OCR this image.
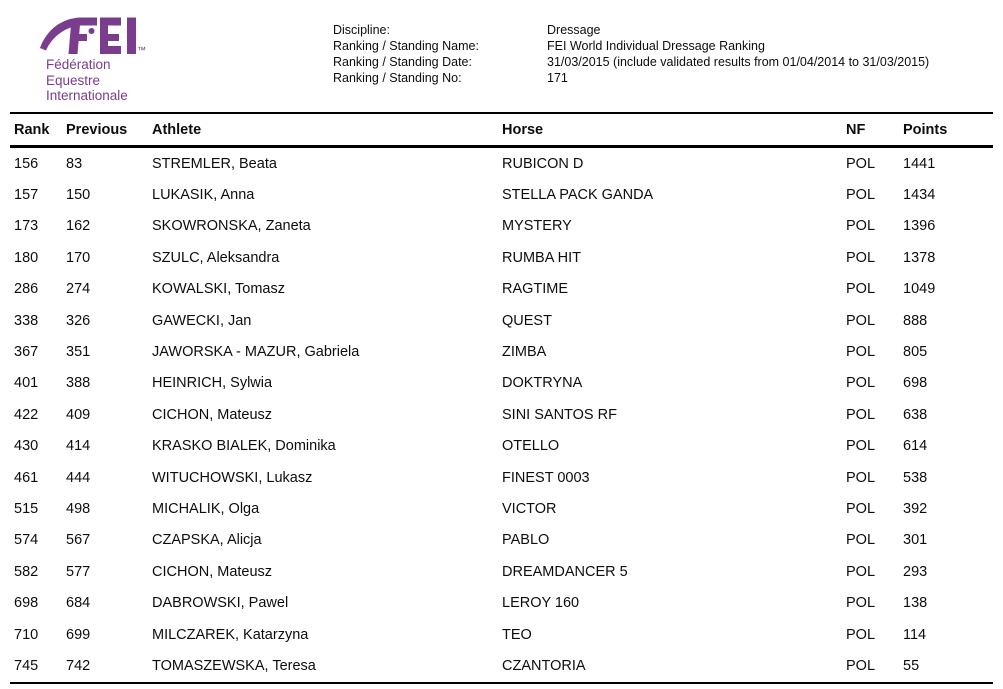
™
Fédération
Equestre
Internationale
Discipline:	Dressage
Ranking / Standing Name:	FEI World Individual Dressage Ranking
Ranking / Standing Date:	31/03/2015 (include validated results from 01/04/2014 to 31/03/2015)
Ranking / Standing No:	171
Rank	Previous	Athlete	Horse	NF	Points
156	83	STREMLER, Beata	RUBICON D	POL	1441
157	150	LUKASIK, Anna	STELLA PACK GANDA	POL	1434
173	162	SKOWRONSKA, Zaneta	MYSTERY	POL	1396
180	170	SZULC, Aleksandra	RUMBA HIT	POL	1378
286	274	KOWALSKI, Tomasz	RAGTIME	POL	1049
338	326	GAWECKI, Jan	QUEST	POL	888
367	351	JAWORSKA - MAZUR, Gabriela	ZIMBA	POL	805
401	388	HEINRICH, Sylwia	DOKTRYNA	POL	698
422	409	CICHON, Mateusz	SINI SANTOS RF	POL	638
430	414	KRASKO BIALEK, Dominika	OTELLO	POL	614
461	444	WITUCHOWSKI, Lukasz	FINEST 0003	POL	538
515	498	MICHALIK, Olga	VICTOR	POL	392
574	567	CZAPSKA, Alicja	PABLO	POL	301
582	577	CICHON, Mateusz	DREAMDANCER 5	POL	293
698	684	DABROWSKI, Pawel	LEROY 160	POL	138
710	699	MILCZAREK, Katarzyna	TEO	POL	114
745	742	TOMASZEWSKA, Teresa	CZANTORIA	POL	55
